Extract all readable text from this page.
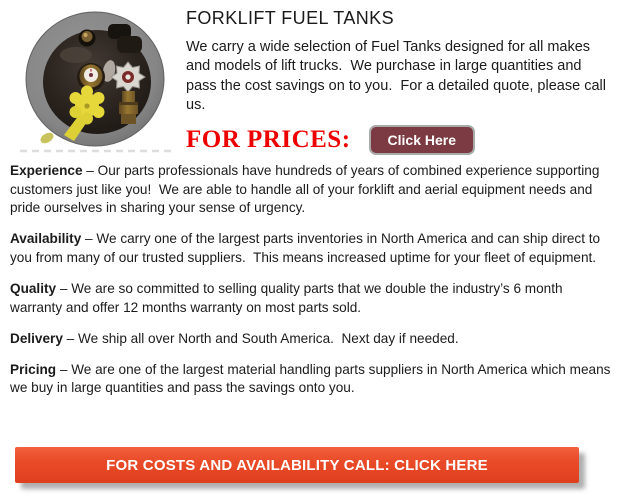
FORKLIFT FUEL TANKS

We carry a wide selection of Fuel Tanks designed for all makes and models of lift trucks.  We purchase in large quantities and pass the cost savings on to you.  For a detailed quote, please call us.

FOR PRICES:	Click Here

Experience – Our parts professionals have hundreds of years of combined experience supporting customers just like you!  We are able to handle all of your forklift and aerial equipment needs and pride ourselves in sharing your sense of urgency.

Availability – We carry one of the largest parts inventories in North America and can ship direct to you from many of our trusted suppliers.  This means increased uptime for your fleet of equipment.

Quality – We are so committed to selling quality parts that we double the industry’s 6 month warranty and offer 12 months warranty on most parts sold.

Delivery – We ship all over North and South America.  Next day if needed.

Pricing – We are one of the largest material handling parts suppliers in North America which means we buy in large quantities and pass the savings onto you.

FOR COSTS AND AVAILABILITY CALL: CLICK HERE
